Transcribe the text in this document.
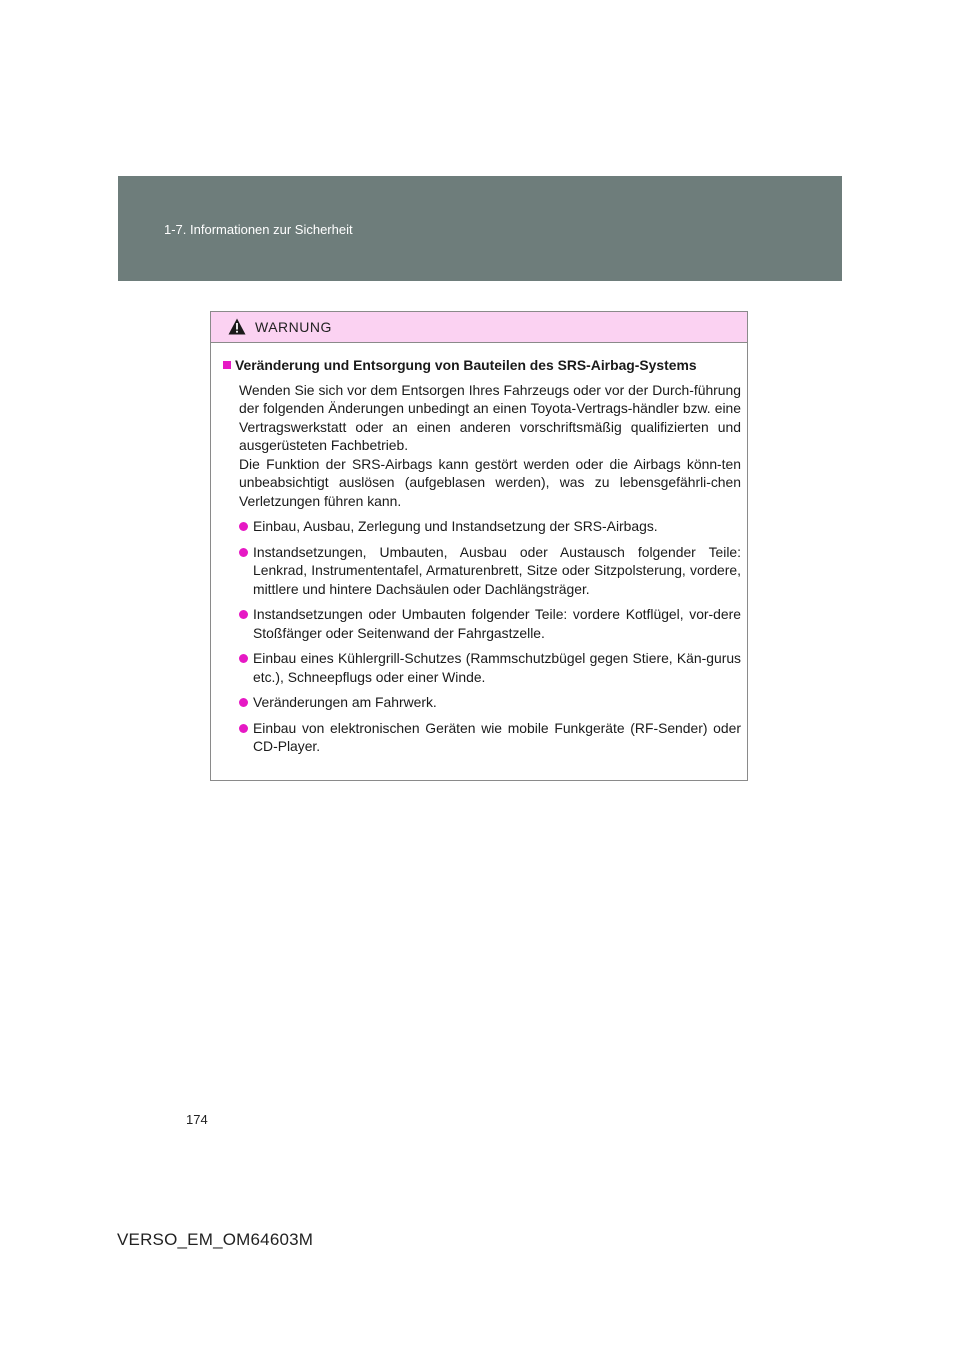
1-7. Informationen zur Sicherheit
WARNUNG
Veränderung und Entsorgung von Bauteilen des SRS-Airbag-Systems

Wenden Sie sich vor dem Entsorgen Ihres Fahrzeugs oder vor der Durch-führung der folgenden Änderungen unbedingt an einen Toyota-Vertrags-händler bzw. eine Vertragswerkstatt oder an einen anderen vorschriftsmäßig qualifizierten und ausgerüsteten Fachbetrieb.

Die Funktion der SRS-Airbags kann gestört werden oder die Airbags könn-ten unbeabsichtigt auslösen (aufgeblasen werden), was zu lebensgefährli-chen Verletzungen führen kann.

Einbau, Ausbau, Zerlegung und Instandsetzung der SRS-Airbags.
Instandsetzungen, Umbauten, Ausbau oder Austausch folgender Teile: Lenkrad, Instrumententafel, Armaturenbrett, Sitze oder Sitzpolsterung, vordere, mittlere und hintere Dachsäulen oder Dachlängsträger.
Instandsetzungen oder Umbauten folgender Teile: vordere Kotflügel, vor-dere Stoßfänger oder Seitenwand der Fahrgastzelle.
Einbau eines Kühlergrill-Schutzes (Rammschutzbügel gegen Stiere, Kän-gurus etc.), Schneepflugs oder einer Winde.
Veränderungen am Fahrwerk.
Einbau von elektronischen Geräten wie mobile Funkgeräte (RF-Sender) oder CD-Player.
174
VERSO_EM_OM64603M
